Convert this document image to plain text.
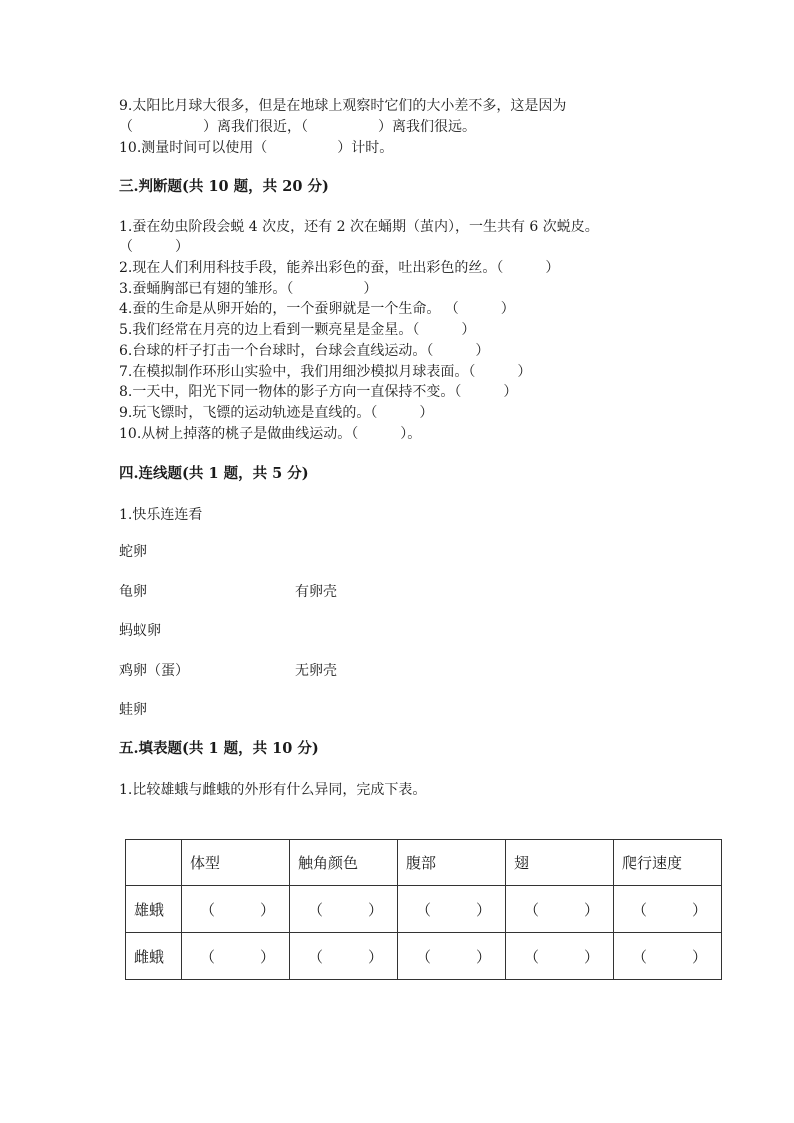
9.太阳比月球大很多，但是在地球上观察时它们的大小差不多，这是因为
（　　　　　）离我们很近，（　　　　　）离我们很远。
10.测量时间可以使用（　　　　　）计时。
三.判断题(共 10 题，共 20 分)
1.蚕在幼虫阶段会蜕 4 次皮，还有 2 次在蛹期（茧内），一生共有 6 次蜕皮。
（　　　）
2.现在人们利用科技手段，能养出彩色的蚕，吐出彩色的丝。（　　　）
3.蚕蛹胸部已有翅的雏形。（　　　　　）
4.蚕的生命是从卵开始的，一个蚕卵就是一个生命。 （　　　）
5.我们经常在月亮的边上看到一颗亮星是金星。（　　　）
6.台球的杆子打击一个台球时，台球会直线运动。（　　　）
7.在模拟制作环形山实验中，我们用细沙模拟月球表面。（　　　）
8.一天中，阳光下同一物体的影子方向一直保持不变。（　　　）
9.玩飞镖时，飞镖的运动轨迹是直线的。（　　　）
10.从树上掉落的桃子是做曲线运动。（　　　）。
四.连线题(共 1 题，共 5 分)
1.快乐连连看
蛇卵
龟卵	有卵壳
蚂蚁卵
鸡卵（蛋）	无卵壳
蛙卵
五.填表题(共 1 题，共 10 分)
1.比较雄蛾与雌蛾的外形有什么异同，完成下表。
	体型	触角颜色	腹部	翅	爬行速度
雄蛾	（　　　）	（　　　）	（　　　）	（　　　）	（　　　）
雌蛾	（　　　）	（　　　）	（　　　）	（　　　）	（　　　）
